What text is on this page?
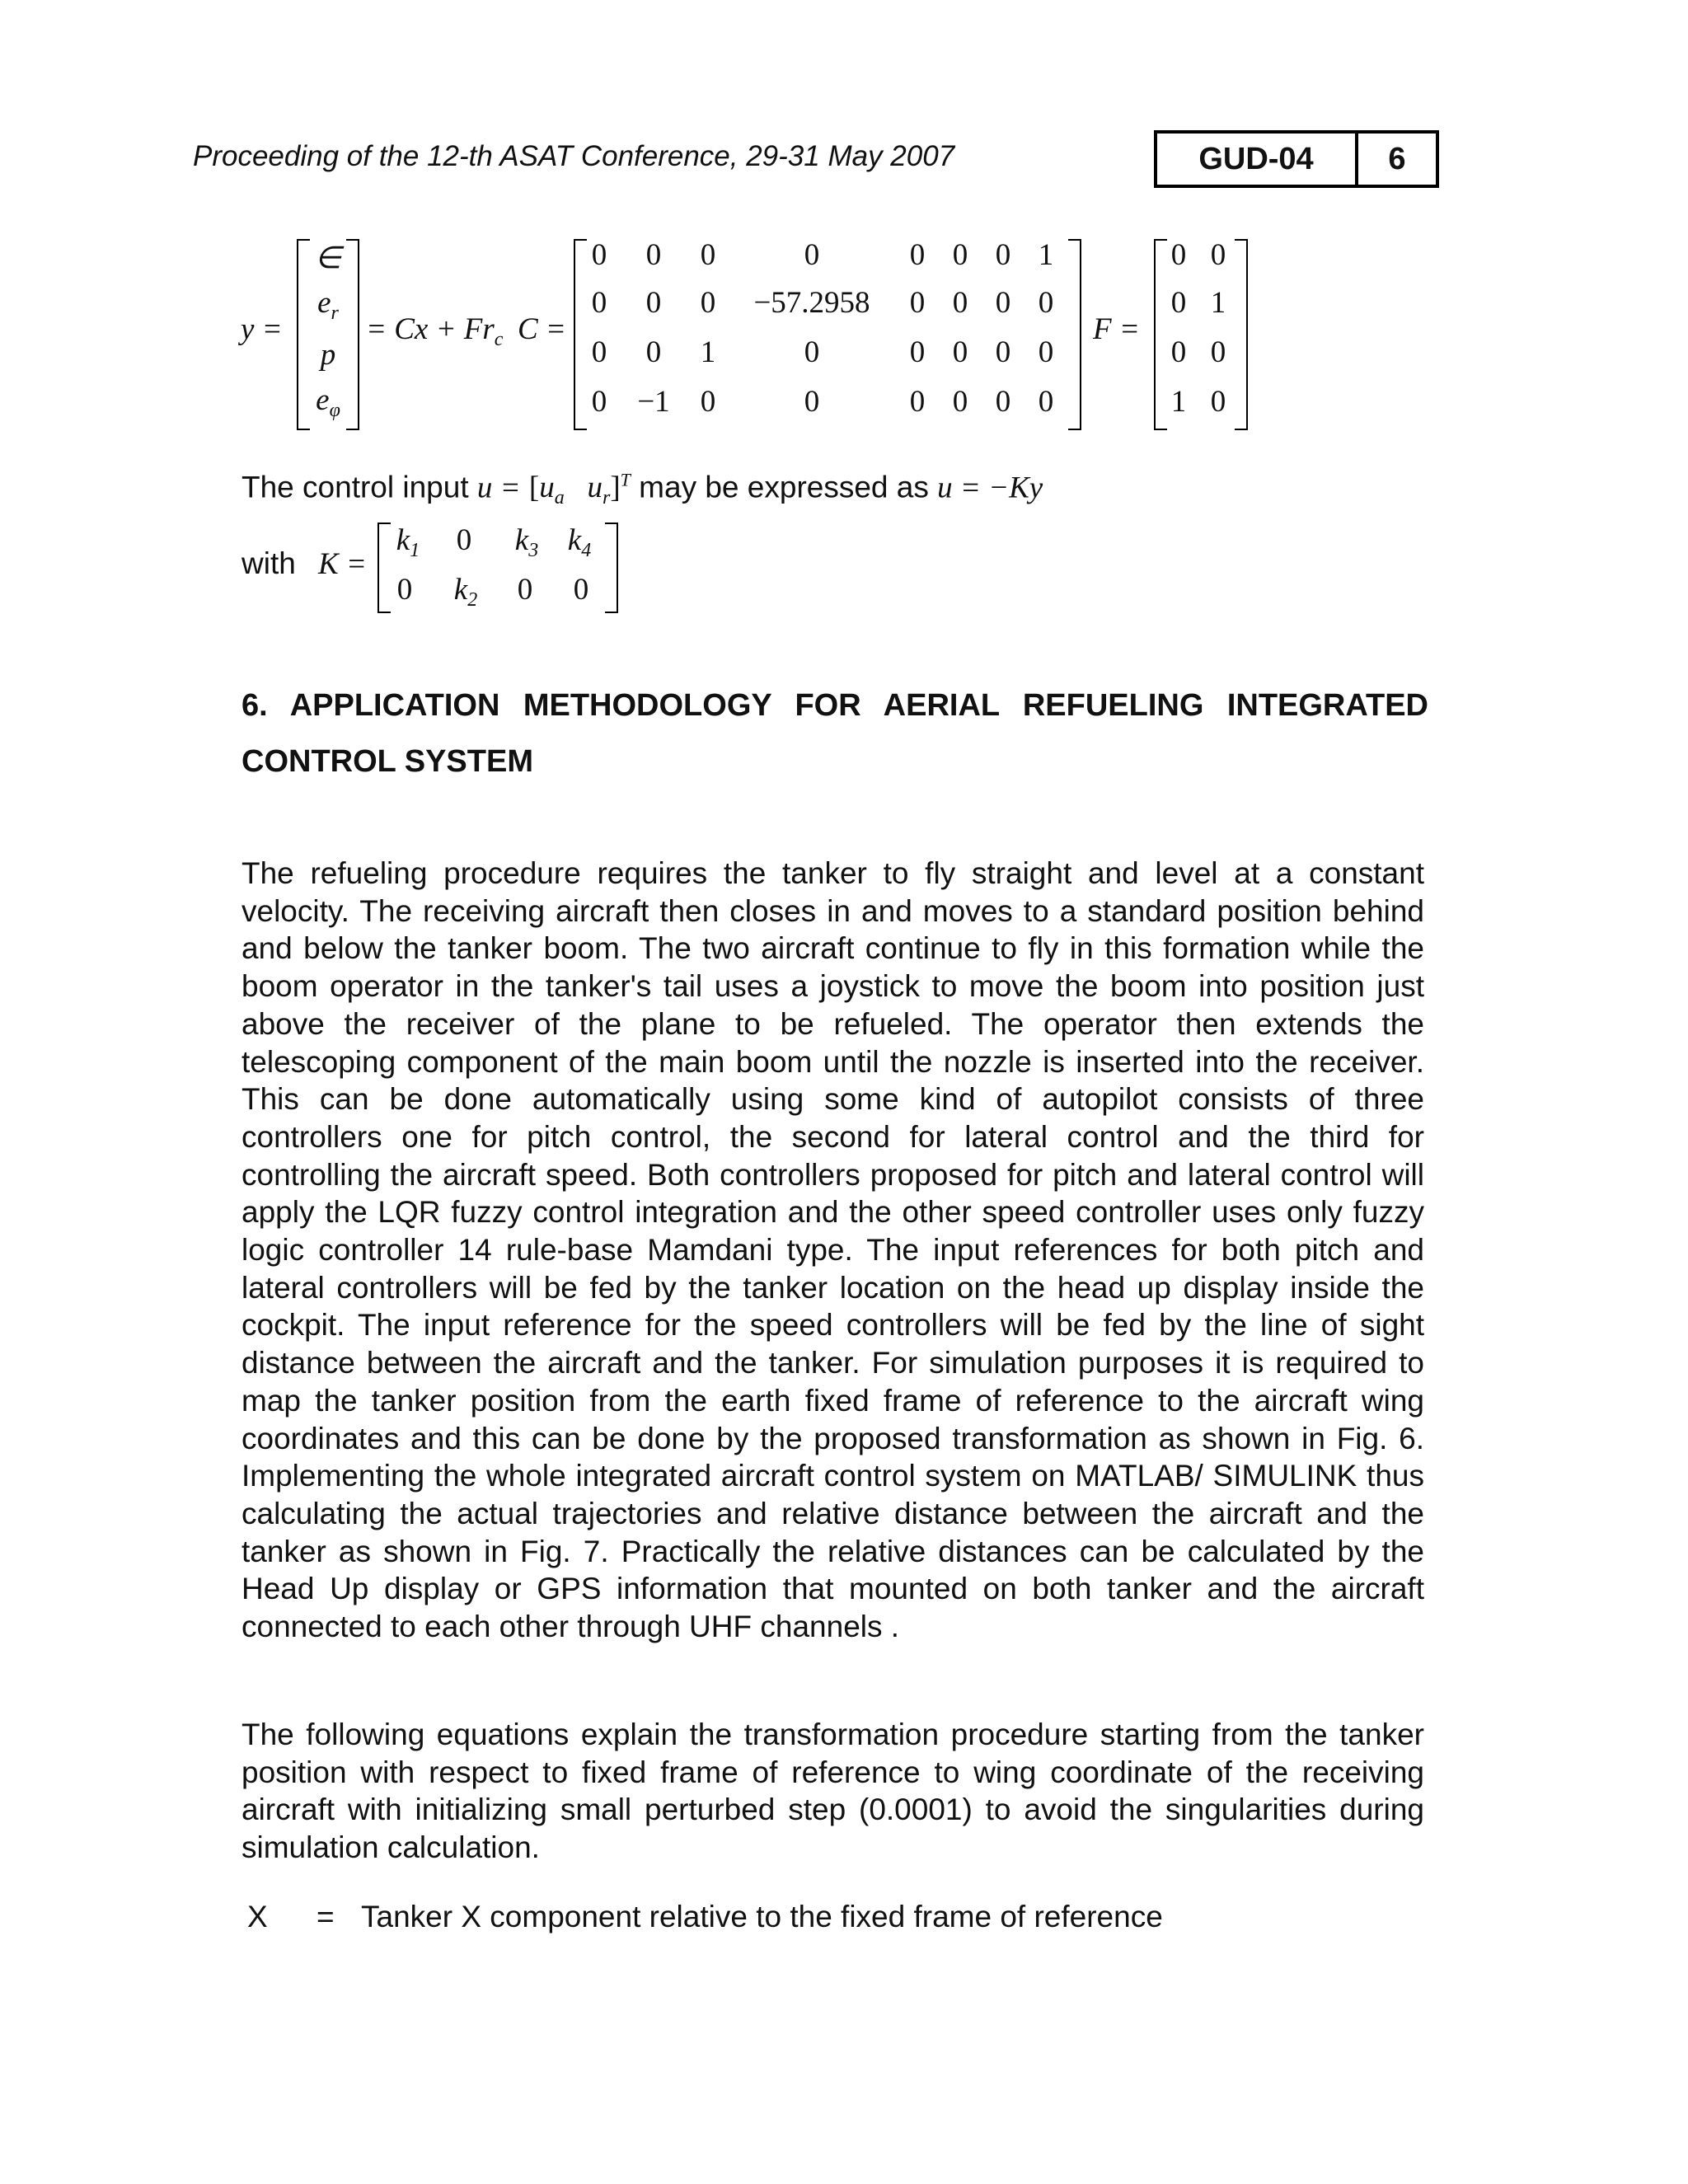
Proceeding of the 12-th ASAT Conference, 29-31 May 2007	GUD-04	6
y =
∈
$e_r$
p
$e_\varphi$
= $Cx + Fr_c$ C =
0	0	0	0	0 0 0 1
0	0	0	−57.2958	0 0 0 0
0	0	1	0	0 0 0 0
0	−1	0	0	0 0 0 0
F =
0 0
0 1
0 0
1 0
The control input $u = [u_a$ $u_r]^T$ may be expressed as u = −Ky
with K =
$k_1$	0	$k_3$ $k_4$
0	$k_2$	0	0
6. APPLICATION METHODOLOGY FOR AERIAL REFUELING INTEGRATED
CONTROL SYSTEM

The refueling procedure requires the tanker to fly straight and level at a constant velocity. The receiving aircraft then closes in and moves to a standard position behind and below the tanker boom. The two aircraft continue to fly in this formation while the boom operator in the tanker's tail uses a joystick to move the boom into position just above the receiver of the plane to be refueled. The operator then extends the telescoping component of the main boom until the nozzle is inserted into the receiver. This can be done automatically using some kind of autopilot consists of three controllers one for pitch control, the second for lateral control and the third for controlling the aircraft speed. Both controllers proposed for pitch and lateral control will apply the LQR fuzzy control integration and the other speed controller uses only fuzzy logic controller 14 rule-base Mamdani type. The input references for both pitch and lateral controllers will be fed by the tanker location on the head up display inside the cockpit. The input reference for the speed controllers will be fed by the line of sight distance between the aircraft and the tanker. For simulation purposes it is required to map the tanker position from the earth fixed frame of reference to the aircraft wing coordinates and this can be done by the proposed transformation as shown in Fig. 6. Implementing the whole integrated aircraft control system on MATLAB/ SIMULINK thus calculating the actual trajectories and relative distance between the aircraft and the tanker as shown in Fig. 7. Practically the relative distances can be calculated by the Head Up display or GPS information that mounted on both tanker and the aircraft connected to each other through UHF channels .

The following equations explain the transformation procedure starting from the tanker position with respect to fixed frame of reference to wing coordinate of the receiving aircraft with initializing small perturbed step (0.0001) to avoid the singularities during simulation calculation.

X = Tanker X component relative to the fixed frame of reference
